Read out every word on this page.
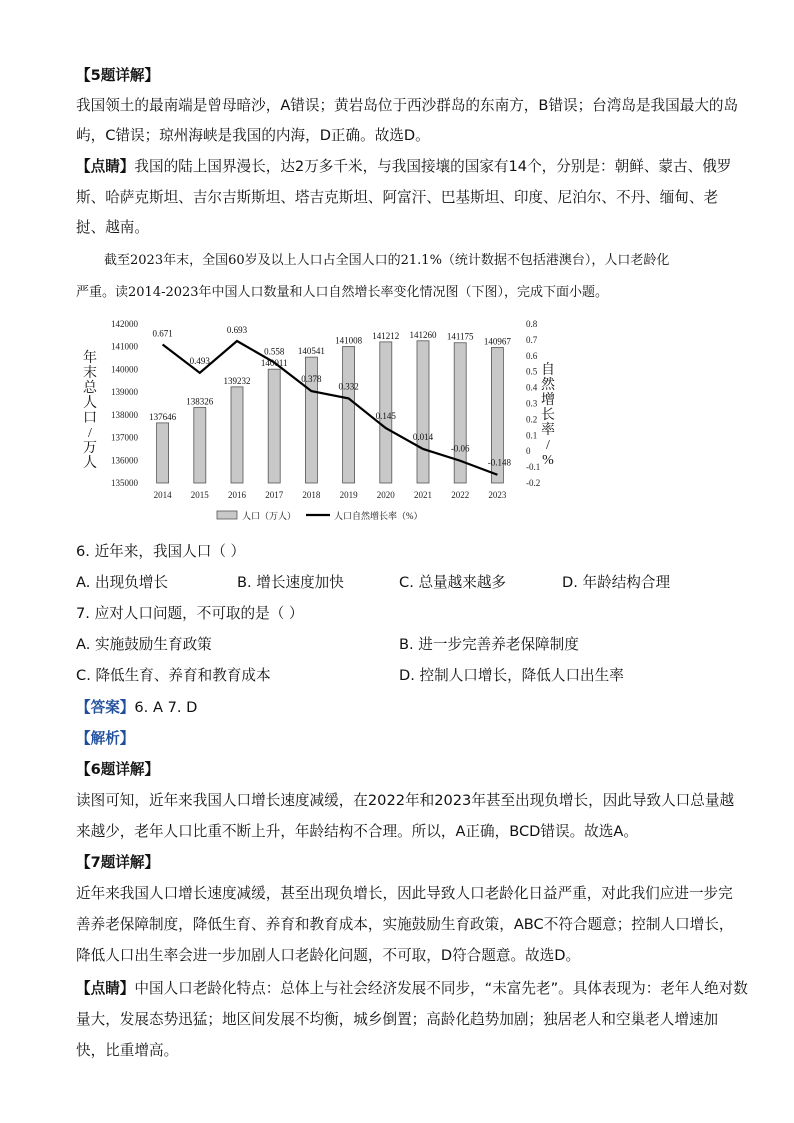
【5题详解】
我国领土的最南端是曾母暗沙，A错误；黄岩岛位于西沙群岛的东南方，B错误；台湾岛是我国最大的岛
屿，C错误；琼州海峡是我国的内海，D正确。故选D。
【点睛】我国的陆上国界漫长，达2万多千米，与我国接壤的国家有14个，分别是：朝鲜、蒙古、俄罗
斯、哈萨克斯坦、吉尔吉斯斯坦、塔吉克斯坦、阿富汗、巴基斯坦、印度、尼泊尔、不丹、缅甸、老
挝、越南。
截至2023年末，全国60岁及以上人口占全国人口的21.1%（统计数据不包括港澳台），人口老龄化
严重。读2014-2023年中国人口数量和人口自然增长率变化情况图（下图），完成下面小题。
135000
136000
137000
138000
139000
140000
141000
142000
-0.2
-0.1
0
0.1
0.2
0.3
0.4
0.5
0.6
0.7
0.8
137646
138326
139232
140011
140541
141008 141212 141260 141175 140967
0.671
0.493
0.693
0.558
0.378
0.332
0.145
0.014
-0.06
-0.148
2014 2015 2016 2017 2018 2019 2020 2021 2022 2023
年
末
总
人
口
/
万
人
自
然
增
长
率
/
%
人口（万人）	人口自然增长率（%）
6. 近年来，我国人口（ ）
A. 出现负增长	B. 增长速度加快	C. 总量越来越多	D. 年龄结构合理
7. 应对人口问题，不可取的是（ ）
A. 实施鼓励生育政策	B. 进一步完善养老保障制度
C. 降低生育、养育和教育成本	D. 控制人口增长，降低人口出生率
【答案】6. A 7. D
【解析】
【6题详解】
读图可知，近年来我国人口增长速度减缓，在2022年和2023年甚至出现负增长，因此导致人口总量越
来越少，老年人口比重不断上升，年龄结构不合理。所以，A正确，BCD错误。故选A。
【7题详解】
近年来我国人口增长速度减缓，甚至出现负增长，因此导致人口老龄化日益严重，对此我们应进一步完
善养老保障制度，降低生育、养育和教育成本，实施鼓励生育政策，ABC不符合题意；控制人口增长，
降低人口出生率会进一步加剧人口老龄化问题，不可取，D符合题意。故选D。
【点睛】中国人口老龄化特点：总体上与社会经济发展不同步，“未富先老”。具体表现为：老年人绝对数
量大，发展态势迅猛；地区间发展不均衡，城乡倒置；高龄化趋势加剧；独居老人和空巢老人增速加
快，比重增高。
